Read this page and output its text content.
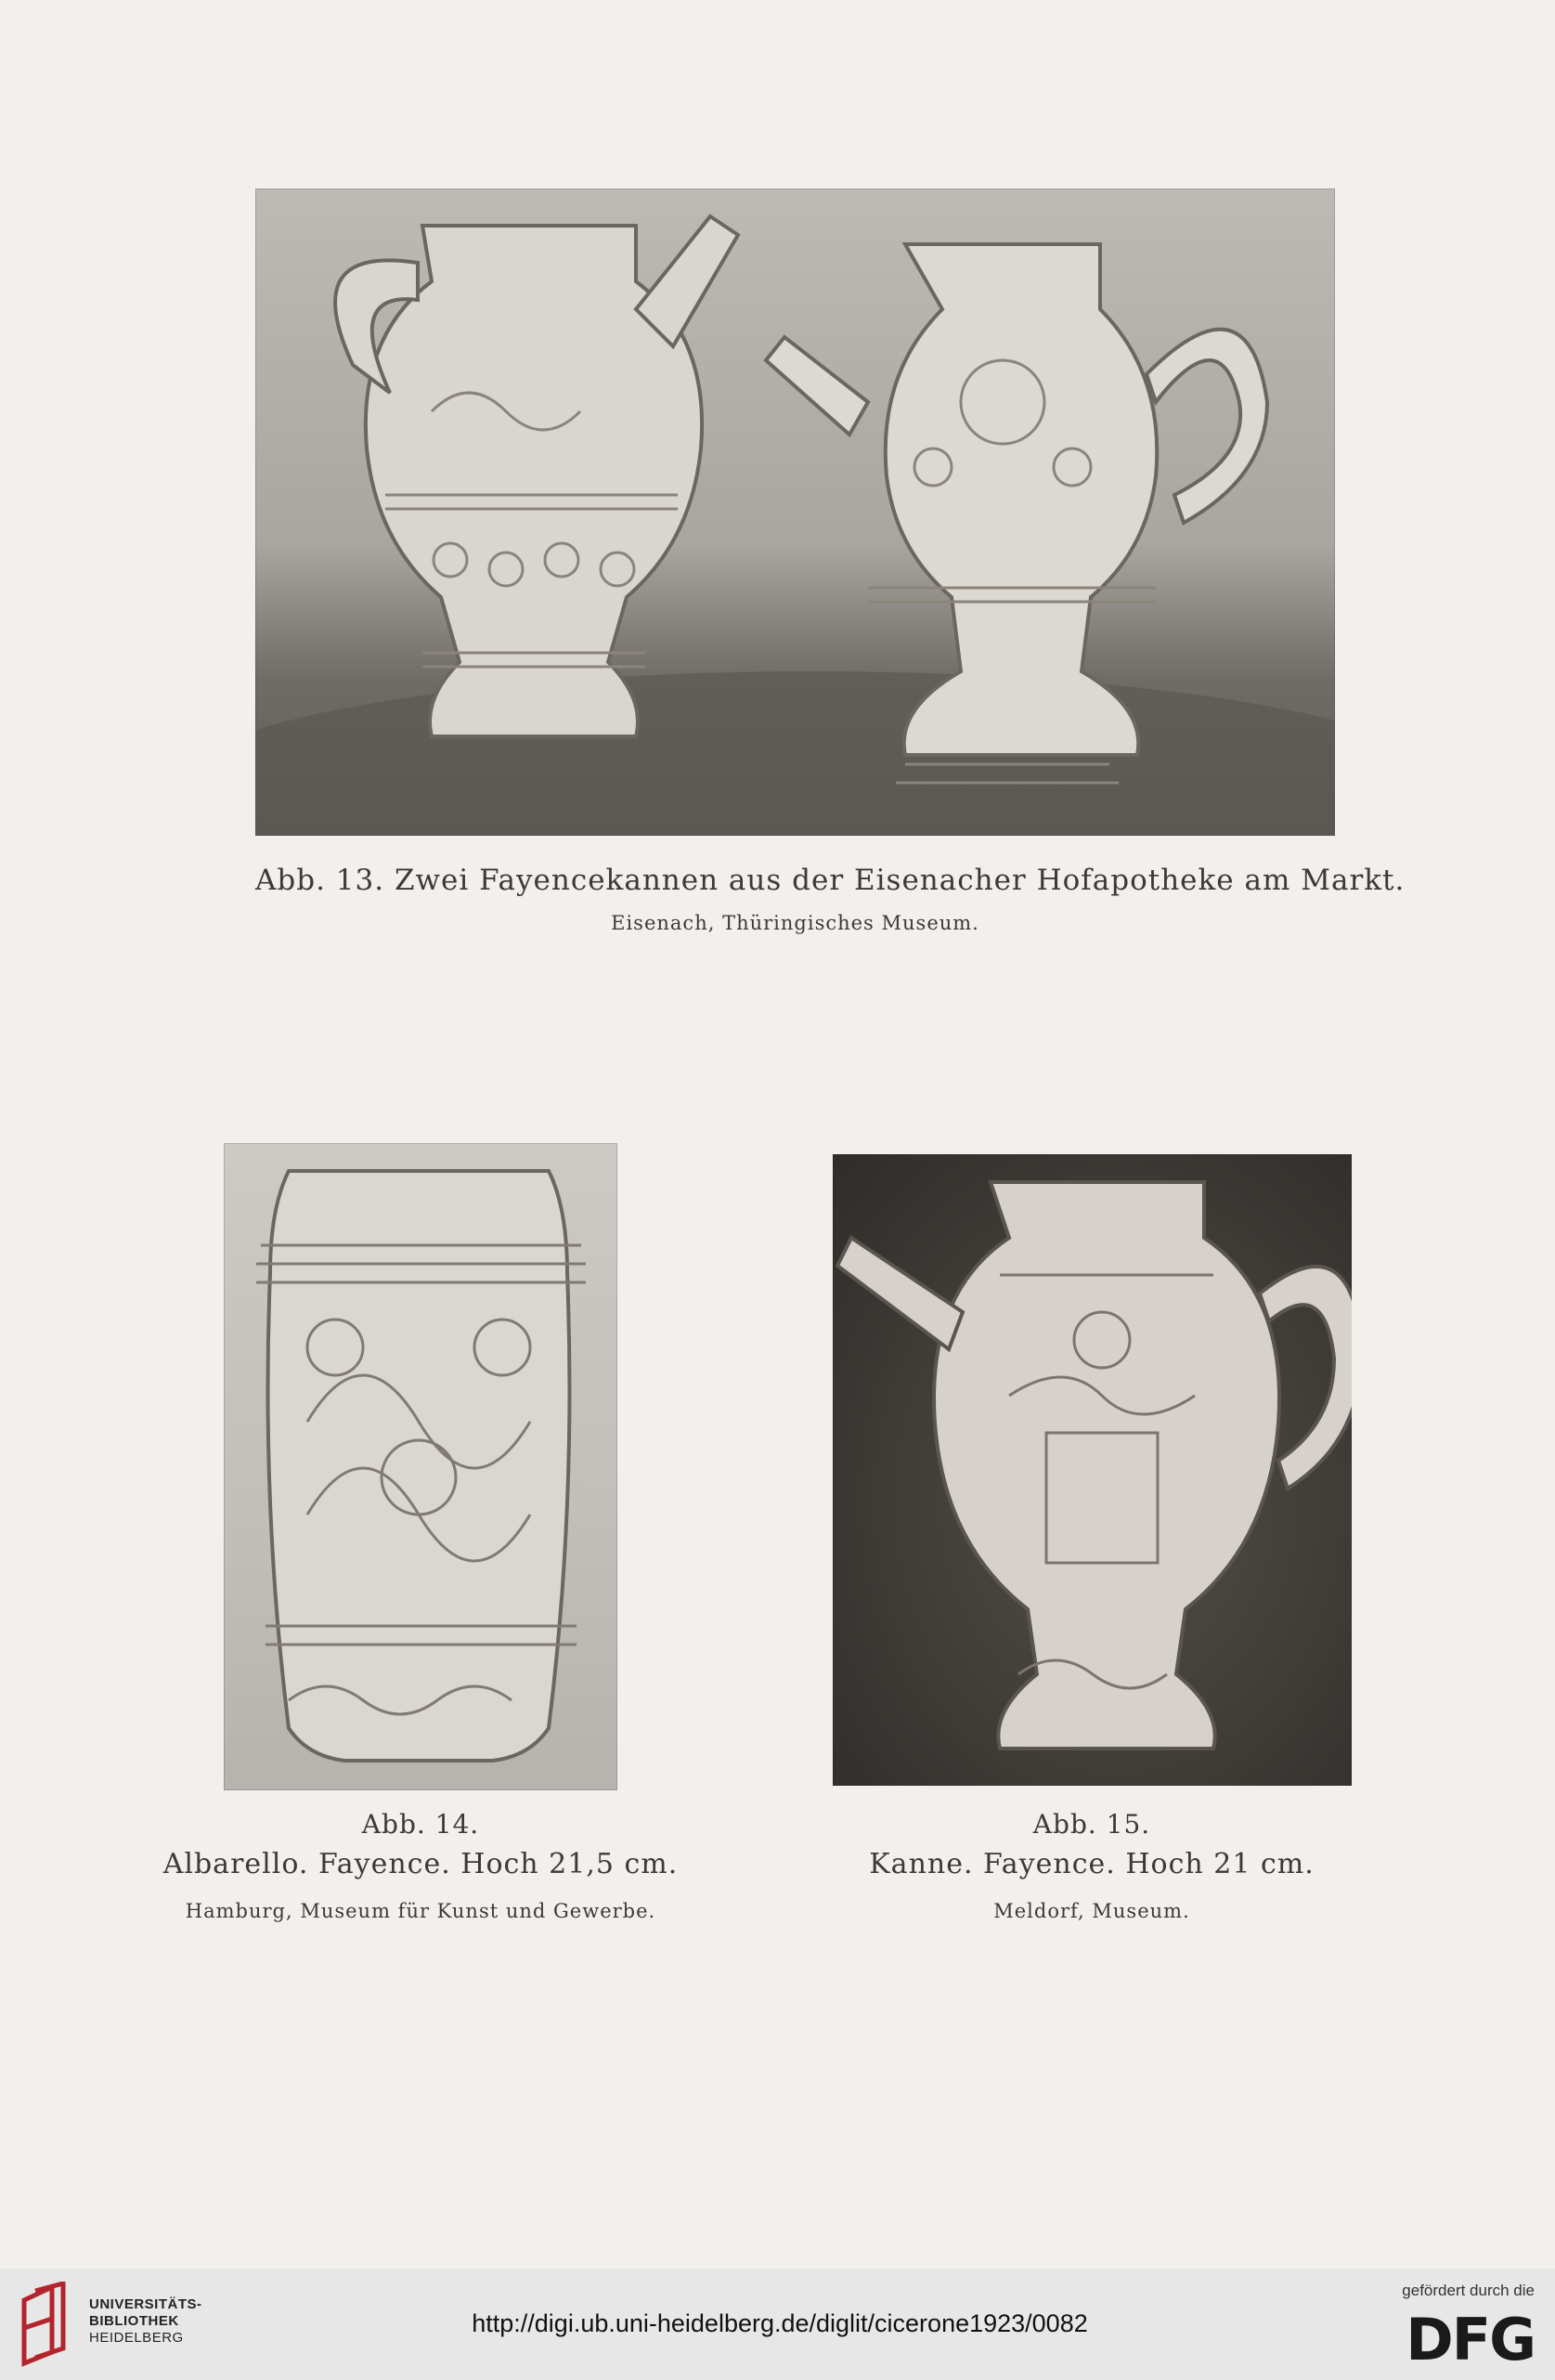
Abb. 13. Zwei Fayencekannen aus der Eisenacher Hofapotheke am Markt.
Eisenach, Thüringisches Museum.
Abb. 14.
Albarello. Fayence. Hoch 21,5 cm.
Hamburg, Museum für Kunst und Gewerbe.
Abb. 15.
Kanne. Fayence. Hoch 21 cm.
Meldorf, Museum.
UNIVERSITÄTS-
BIBLIOTHEK
HEIDELBERG
http://digi.ub.uni-heidelberg.de/diglit/cicerone1923/0082
gefördert durch die
DFG
